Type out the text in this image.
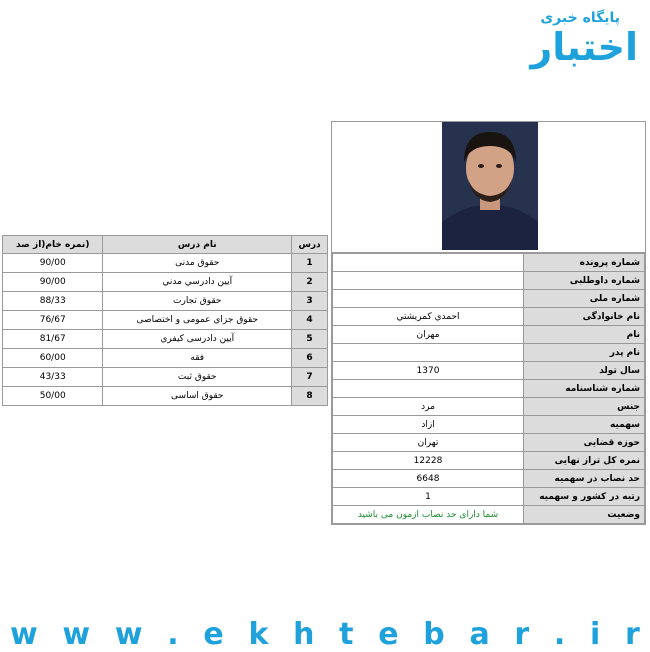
پایگاه خبری
اختبار
درس	نام درس	(نمره خام(از صد
1	حقوق مدنی	90/00
2	آيين دادرسي مدني	90/00
3	حقوق تجارت	88/33
4	حقوق جزاي عمومی و اختصاصی	76/67
5	آيين دادرسی کيفري	81/67
6	فقه	60/00
7	حقوق ثبت	43/33
8	حقوق اساسی	50/00
شماره پرونده	
شماره داوطلبی	
شماره ملی	
نام خانوادگی	احمدي کمريشتي
نام	مهران
نام پدر	
سال تولد	1370
شماره شناسنامه	
جنس	مرد
سهمیه	ازاد
حوزه قضایی	تهران
نمره کل تراز نهایی	12228
حد نصاب در سهمیه	6648
رتبه در کشور و سهمیه	1
وضعیت	شما دارای حد نصاب ازمون می باشید
w w w . e k h t e b a r . i r
